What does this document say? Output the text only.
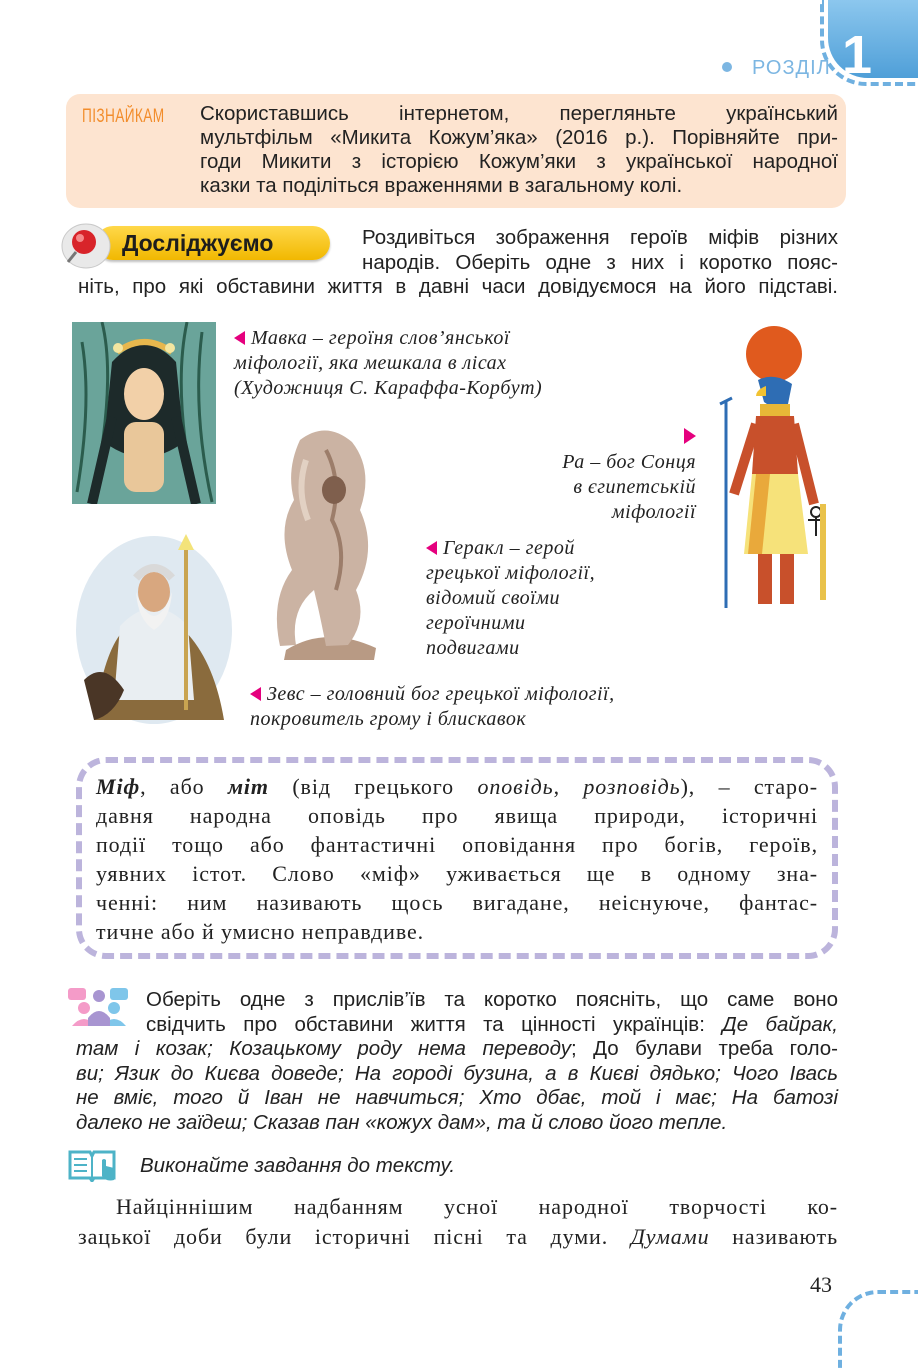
1
РОЗДІЛ
ПІЗНАЙКАМ Скориставшись інтернетом, перегляньте український
мультфільм «Микита Кожум’яка» (2016 р.). Порівняйте при-
годи Микити з історією Кожум’яки з української народної
казки та поділіться враженнями в загальному колі.
Досліджуємо	Роздивіться зображення героїв міфів різних
народів. Оберіть одне з них і коротко пояс-
ніть, про які обставини життя в давні часи довідуємося на його підставі.
Мавка – героїня слов’янської
міфології, яка мешкала в лісах
(Художниця С. Караффа-Корбут)
Ра – бог Сонця
в єгипетській
міфології
Геракл – герой
грецької міфології,
відомий своїми
героїчними
подвигами
Зевс – головний бог грецької міфології,
покровитель грому і блискавок
Міф, або міт (від грецького оповідь, розповідь), – старо-
давня народна оповідь про явища природи, історичні
події тощо або фантастичні оповідання про богів, героїв,
уявних істот. Слово «міф» уживається ще в одному зна-
ченні: ним називають щось вигадане, неіснуюче, фантас-
тичне або й умисно неправдиве.
Оберіть одне з прислів’їв та коротко поясніть, що саме воно
свідчить про обставини життя та цінності українців: Де байрак,
там і козак; Козацькому роду нема переводу; До булави треба голо-
ви; Язик до Києва доведе; На городі бузина, а в Києві дядько; Чого Івась
не вміє, того й Іван не навчиться; Хто дбає, той і має; На батозі
далеко не заїдеш; Сказав пан «кожух дам», та й слово його тепле.
Виконайте завдання до тексту.
Найціннішим надбанням усної народної творчості ко-
зацької доби були історичні пісні та думи. Думами називають
43
